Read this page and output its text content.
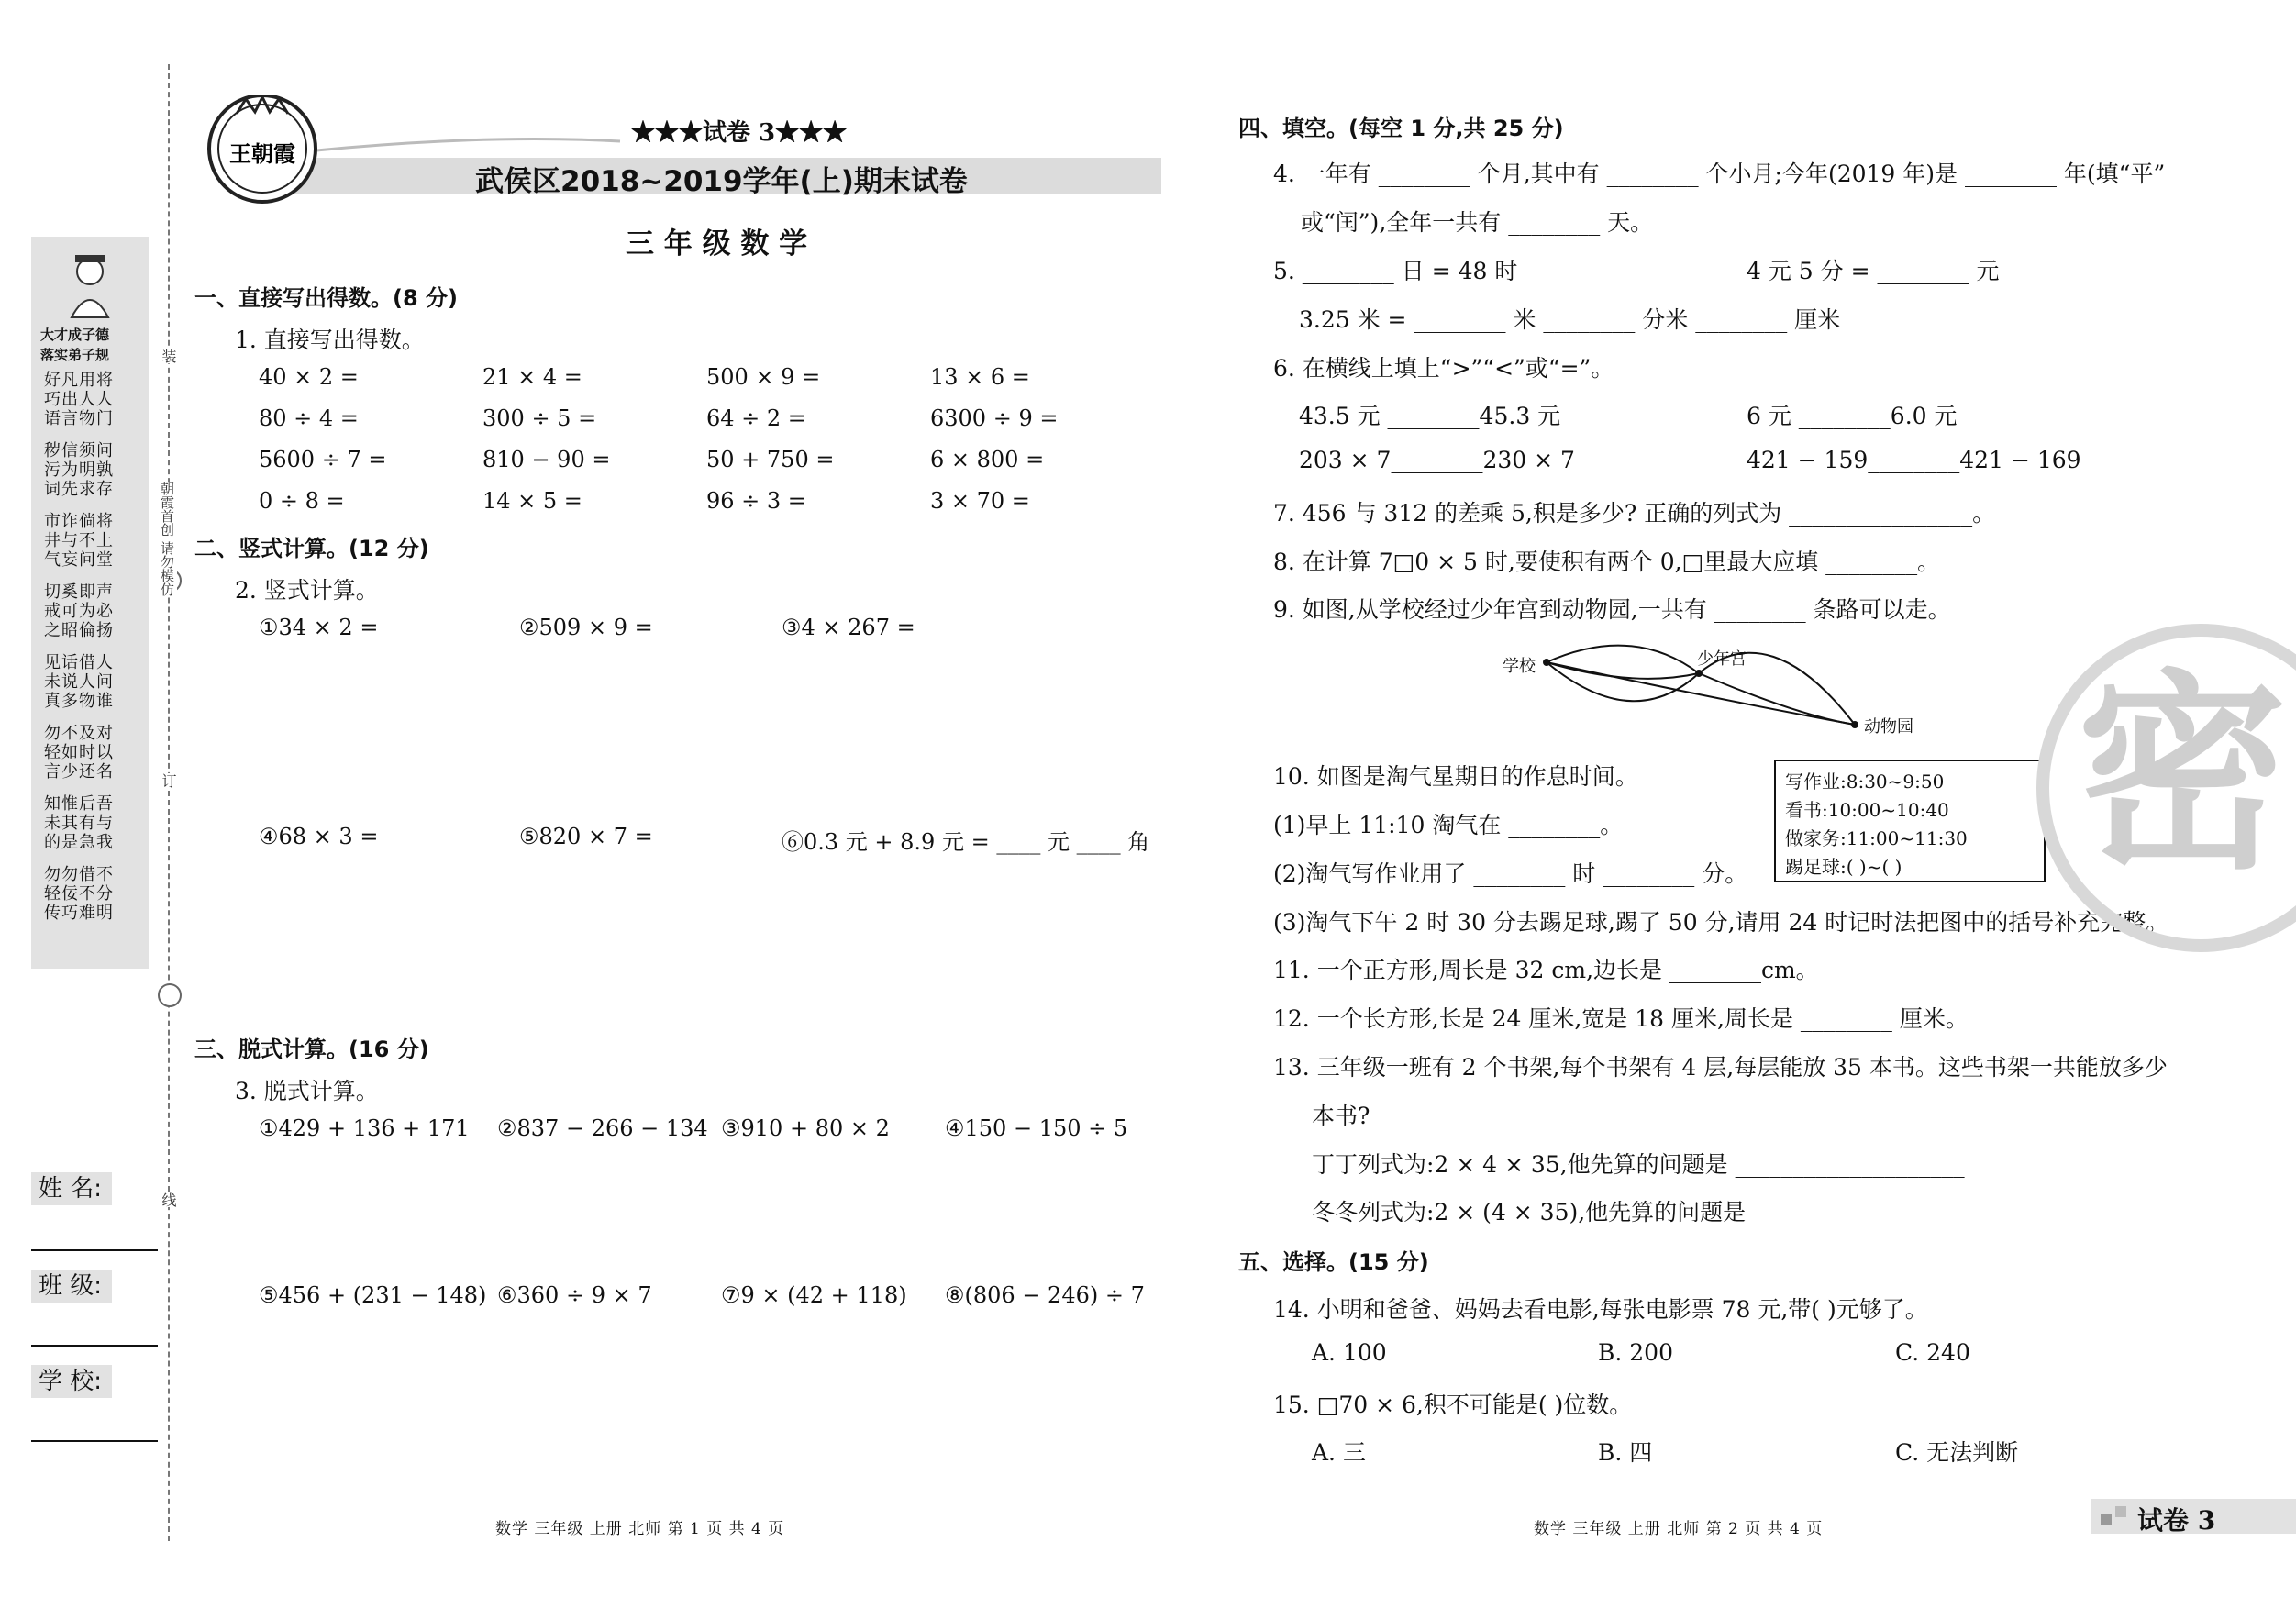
装
朝霞首创 请勿模仿
订
线
大才成子德
落实弟子规
好凡用将巧出人人语言物门
秽信须问污为明孰词先求存
市诈倘将井与不上气妄问堂
切奚即声戒可为必之昭倫扬
见话借人未说人问真多物谁
勿不及对轻如时以言少还名
知惟后吾未其有与的是急我
勿勿借不轻佞不分传巧难明
姓 名:
班 级:
学 校:
王朝霞
★★★试卷 3★★★
武侯区2018~2019学年(上)期末试卷
三 年 级 数 学
一、直接写出得数。(8 分)
1. 直接写出得数。
40 × 2 =	21 × 4 =	500 × 9 =	13 × 6 =
80 ÷ 4 =	300 ÷ 5 =	64 ÷ 2 =	6300 ÷ 9 =
5600 ÷ 7 =	810 − 90 =	50 + 750 =	6 × 800 =
0 ÷ 8 =	14 × 5 =	96 ÷ 3 =	3 × 70 =
二、竖式计算。(12 分)
2. 竖式计算。
①34 × 2 =	②509 × 9 =	③4 × 267 =
④68 × 3 =	⑤820 × 7 =	⑥0.3 元 + 8.9 元 = ____ 元 ____ 角
三、脱式计算。(16 分)
3. 脱式计算。
①429 + 136 + 171 ②837 − 266 − 134 ③910 + 80 × 2	④150 − 150 ÷ 5
⑤456 + (231 − 148) ⑥360 ÷ 9 × 7	⑦9 × (42 + 118) ⑧(806 − 246) ÷ 7
数学 三年级 上册 北师 第 1 页 共 4 页
四、填空。(每空 1 分,共 25 分)
4. 一年有 ________ 个月,其中有 ________ 个小月;今年(2019 年)是 ________ 年(填“平”
或“闰”),全年一共有 ________ 天。
5. ________ 日 = 48 时	4 元 5 分 = ________ 元
3.25 米 = ________ 米 ________ 分米 ________ 厘米
6. 在横线上填上“>”“<”或“=”。
43.5 元 ________45.3 元	6 元 ________6.0 元
203 × 7________230 × 7	421 − 159________421 − 169
7. 456 与 312 的差乘 5,积是多少? 正确的列式为 ________________。
8. 在计算 7□0 × 5 时,要使积有两个 0,□里最大应填 ________。
9. 如图,从学校经过少年宫到动物园,一共有 ________ 条路可以走。
学校	少年宫
动物园
10. 如图是淘气星期日的作息时间。
(1)早上 11:10 淘气在 ________。
(2)淘气写作业用了 ________ 时 ________ 分。
写作业:8:30~9:50
看书:10:00~10:40
做家务:11:00~11:30
踢足球:( )~( )
(3)淘气下午 2 时 30 分去踢足球,踢了 50 分,请用 24 时记时法把图中的括号补充完整。
11. 一个正方形,周长是 32 cm,边长是 ________cm。
12. 一个长方形,长是 24 厘米,宽是 18 厘米,周长是 ________ 厘米。
13. 三年级一班有 2 个书架,每个书架有 4 层,每层能放 35 本书。这些书架一共能放多少
本书?
丁丁列式为:2 × 4 × 35,他先算的问题是 ____________________
冬冬列式为:2 × (4 × 35),他先算的问题是 ____________________
五、选择。(15 分)
14. 小明和爸爸、妈妈去看电影,每张电影票 78 元,带( )元够了。
A. 100	B. 200	C. 240
15. □70 × 6,积不可能是( )位数。
A. 三	B. 四	C. 无法判断
数学 三年级 上册 北师 第 2 页 共 4 页
密
试卷 3
